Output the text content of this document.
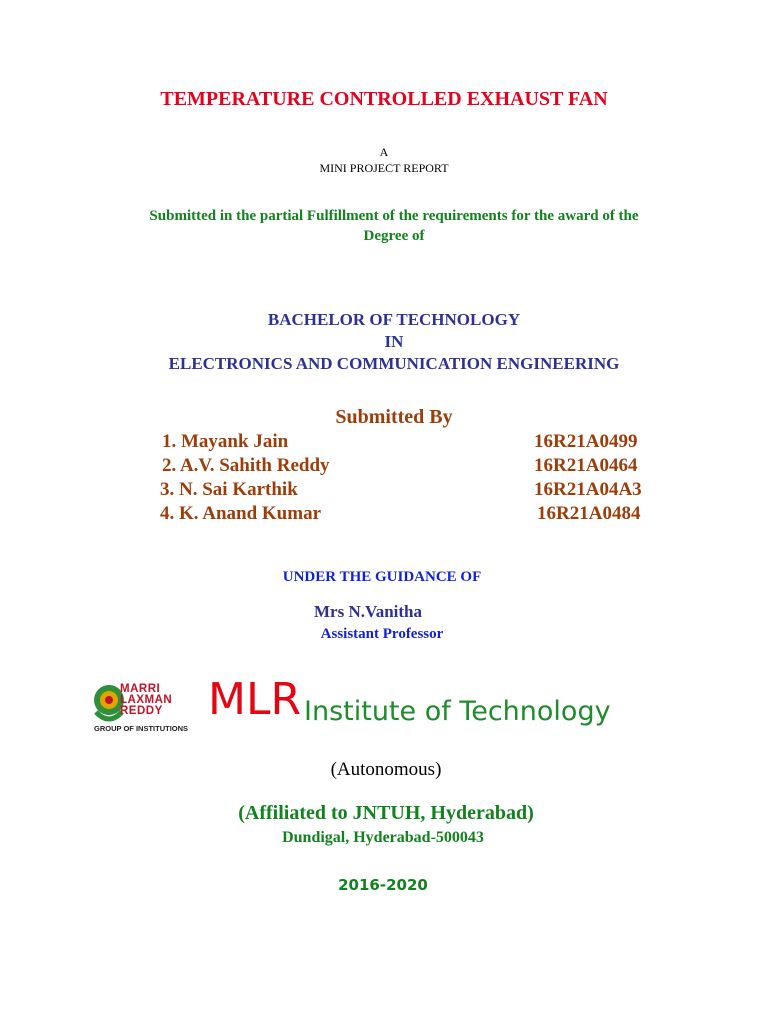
TEMPERATURE CONTROLLED EXHAUST FAN
A
MINI PROJECT REPORT
Submitted in the partial Fulfillment of the requirements for the award of the
Degree of
BACHELOR OF TECHNOLOGY
IN
ELECTRONICS AND COMMUNICATION ENGINEERING
Submitted By
1. Mayank Jain	16R21A0499
2. A.V. Sahith Reddy	16R21A0464
3. N. Sai Karthik	16R21A04A3
4. K. Anand Kumar	16R21A0484
UNDER THE GUIDANCE OF
Mrs N.Vanitha
Assistant Professor
MARRI
LAXMAN
REDDY
GROUP OF INSTITUTIONS
MLR Institute of Technology
(Autonomous)
(Affiliated to JNTUH, Hyderabad)
Dundigal, Hyderabad-500043
2016-2020
